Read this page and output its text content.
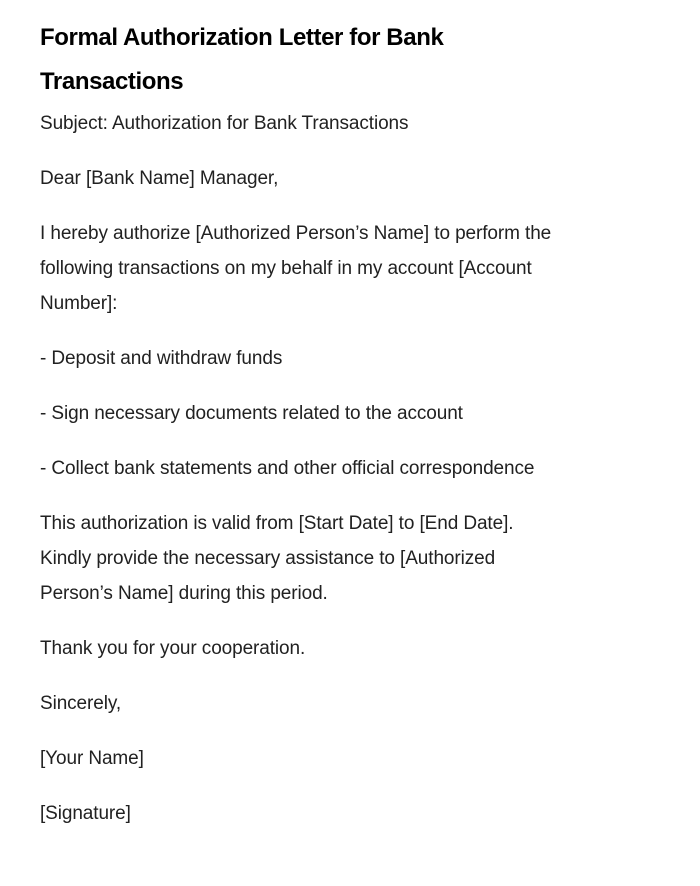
Formal Authorization Letter for Bank
Transactions
Subject: Authorization for Bank Transactions
Dear [Bank Name] Manager,
I hereby authorize [Authorized Person’s Name] to perform the
following transactions on my behalf in my account [Account
Number]:
- Deposit and withdraw funds
- Sign necessary documents related to the account
- Collect bank statements and other official correspondence
This authorization is valid from [Start Date] to [End Date].
Kindly provide the necessary assistance to [Authorized
Person’s Name] during this period.
Thank you for your cooperation.
Sincerely,
[Your Name]
[Signature]
